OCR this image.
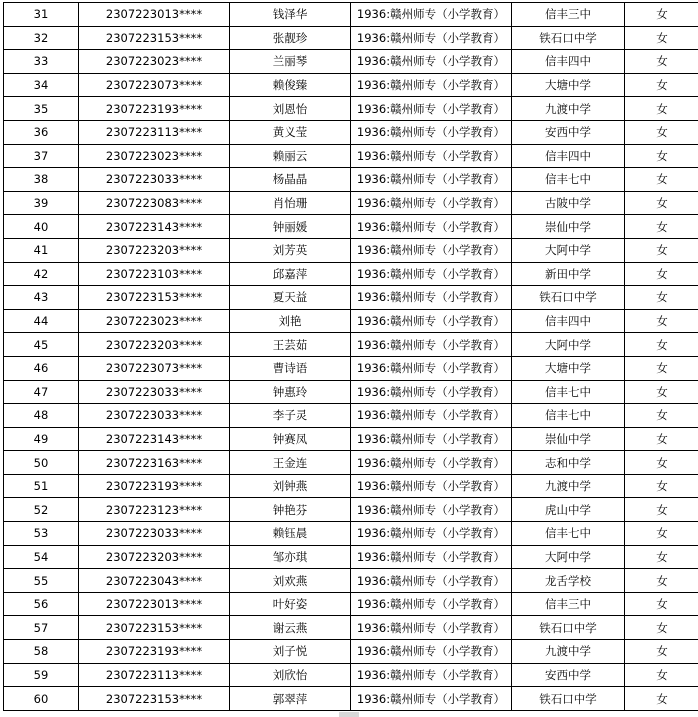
31	2307223013****	钱泽华	1936:赣州师专（小学教育）	信丰三中	女
32	2307223153****	张靓珍	1936:赣州师专（小学教育）	铁石口中学	女
33	2307223023****	兰丽琴	1936:赣州师专（小学教育）	信丰四中	女
34	2307223073****	赖俊臻	1936:赣州师专（小学教育）	大塘中学	女
35	2307223193****	刘恩怡	1936:赣州师专（小学教育）	九渡中学	女
36	2307223113****	黄义莹	1936:赣州师专（小学教育）	安西中学	女
37	2307223023****	赖丽云	1936:赣州师专（小学教育）	信丰四中	女
38	2307223033****	杨晶晶	1936:赣州师专（小学教育）	信丰七中	女
39	2307223083****	肖怡珊	1936:赣州师专（小学教育）	古陂中学	女
40	2307223143****	钟丽媛	1936:赣州师专（小学教育）	崇仙中学	女
41	2307223203****	刘芳英	1936:赣州师专（小学教育）	大阿中学	女
42	2307223103****	邱嘉萍	1936:赣州师专（小学教育）	新田中学	女
43	2307223153****	夏天益	1936:赣州师专（小学教育）	铁石口中学	女
44	2307223023****	刘艳	1936:赣州师专（小学教育）	信丰四中	女
45	2307223203****	王芸茹	1936:赣州师专（小学教育）	大阿中学	女
46	2307223073****	曹诗语	1936:赣州师专（小学教育）	大塘中学	女
47	2307223033****	钟惠玲	1936:赣州师专（小学教育）	信丰七中	女
48	2307223033****	李子灵	1936:赣州师专（小学教育）	信丰七中	女
49	2307223143****	钟赛凤	1936:赣州师专（小学教育）	崇仙中学	女
50	2307223163****	王金连	1936:赣州师专（小学教育）	志和中学	女
51	2307223193****	刘钟燕	1936:赣州师专（小学教育）	九渡中学	女
52	2307223123****	钟艳芬	1936:赣州师专（小学教育）	虎山中学	女
53	2307223033****	赖钰晨	1936:赣州师专（小学教育）	信丰七中	女
54	2307223203****	邹亦琪	1936:赣州师专（小学教育）	大阿中学	女
55	2307223043****	刘欢燕	1936:赣州师专（小学教育）	龙舌学校	女
56	2307223013****	叶好姿	1936:赣州师专（小学教育）	信丰三中	女
57	2307223153****	谢云燕	1936:赣州师专（小学教育）	铁石口中学	女
58	2307223193****	刘子悦	1936:赣州师专（小学教育）	九渡中学	女
59	2307223113****	刘欣怡	1936:赣州师专（小学教育）	安西中学	女
60	2307223153****	郭翠萍	1936:赣州师专（小学教育）	铁石口中学	女
